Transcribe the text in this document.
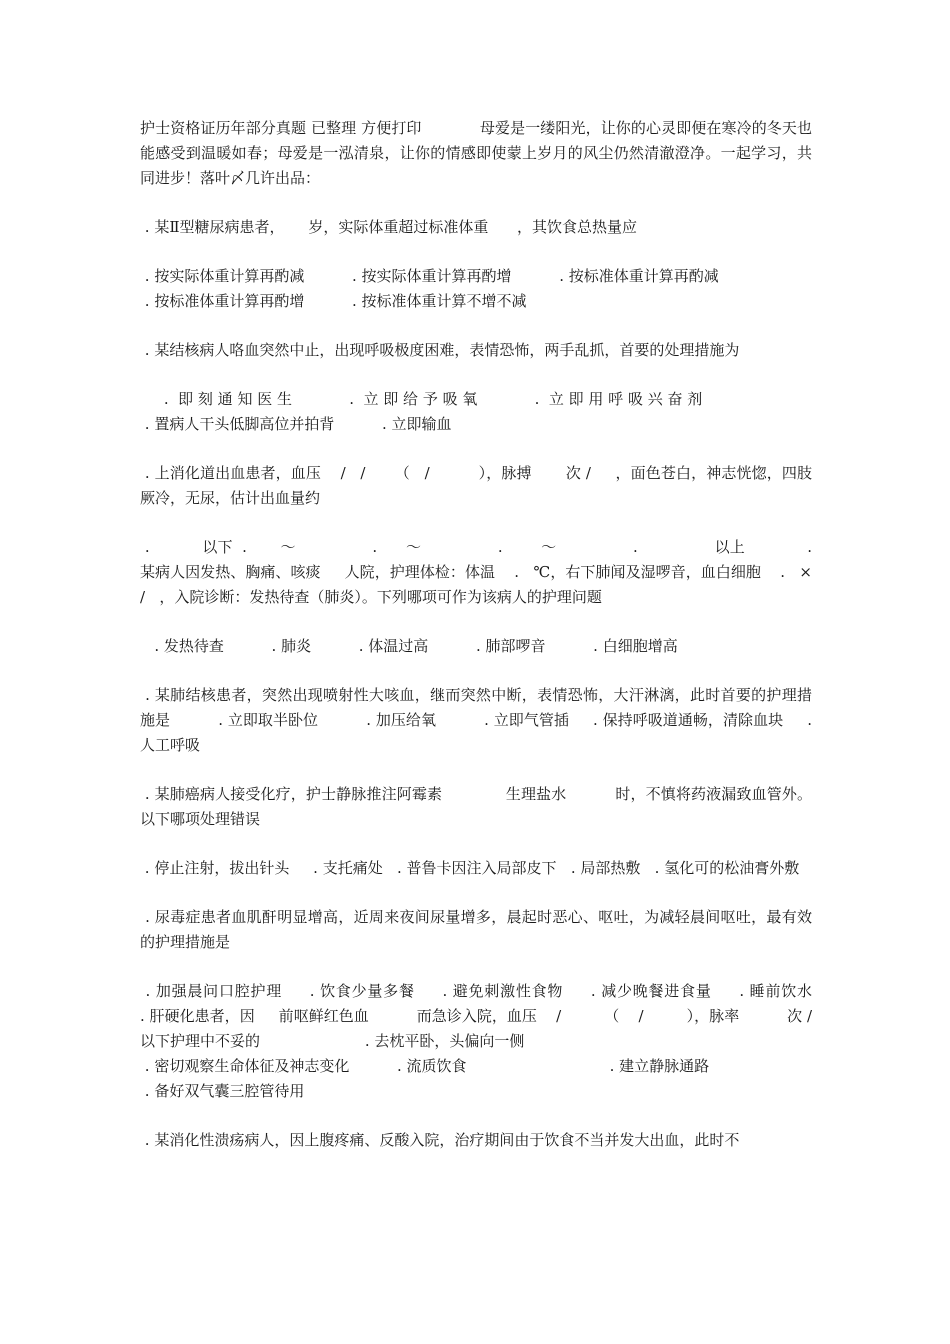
护士资格证历年部分真题 已整理 方便打印            母爱是一缕阳光，让你的心灵即便在寒冷的冬天也能感受到温暖如春；母爱是一泓清泉，让你的情感即使蒙上岁月的风尘仍然清澈澄净。一起学习，共同进步！落叶〆几许出品：

. 某Ⅱ型糖尿病患者，     岁，实际体重超过标准体重      ，其饮食总热量应

. 按实际体重计算再酌减          . 按实际体重计算再酌增          . 按标准体重计算再酌减
. 按标准体重计算再酌增          . 按标准体重计算不增不减

. 某结核病人咯血突然中止，出现呼吸极度困难，表情恐怖，两手乱抓，首要的处理措施为

.  即 刻 通 知 医 生            .  立 即 给 予 吸 氧            .  立 即 用 呼 吸 兴 奋 剂
. 置病人干头低脚高位并拍背          . 立即输血

. 上消化道出血患者，血压    /   /      （   /          ），脉搏       次 /     ，面色苍白，神志恍惚，四肢厥冷，无尿，估计出血量约

.           以下  .       ～                .      ～                .        ～                .                以上             . 某病人因发热、胸痛、咳痰     人院，护理体检：体温    .   ℃，右下肺闻及湿啰音，血白细胞    .   ×      /   ，入院诊断：发热待查（肺炎）。下列哪项可作为该病人的护理问题

. 发热待查          . 肺炎          . 体温过高          . 肺部啰音          . 白细胞增高

. 某肺结核患者，突然出现喷射性大咳血，继而突然中断，表情恐怖，大汗淋漓，此时首要的护理措施是          . 立即取半卧位          . 加压给氧          . 立即气管插     . 保持呼吸道通畅，清除血块     . 人工呼吸

. 某肺癌病人接受化疗，护士静脉推注阿霉素             生理盐水          时，不慎将药液漏致血管外。以下哪项处理错误

. 停止注射，拔出针头     . 支托痛处   . 普鲁卡因注入局部皮下   . 局部热敷   . 氢化可的松油膏外敷

. 尿毒症患者血肌酐明显增高，近周来夜间尿量增多，晨起时恶心、呕吐，为减轻晨间呕吐，最有效的护理措施是

. 加强晨问口腔护理     . 饮食少量多餐     . 避免刺激性食物     . 减少晚餐进食量     . 睡前饮水              . 肝硬化患者，因     前呕鲜红色血          而急诊入院，血压    /         （    /         ），脉率          次 /        以下护理中不妥的                      . 去枕平卧，头偏向一侧
. 密切观察生命体征及神志变化          . 流质饮食                              . 建立静脉通路
. 备好双气囊三腔管待用

. 某消化性溃疡病人，因上腹疼痛、反酸入院，治疗期间由于饮食不当并发大出血，此时不
